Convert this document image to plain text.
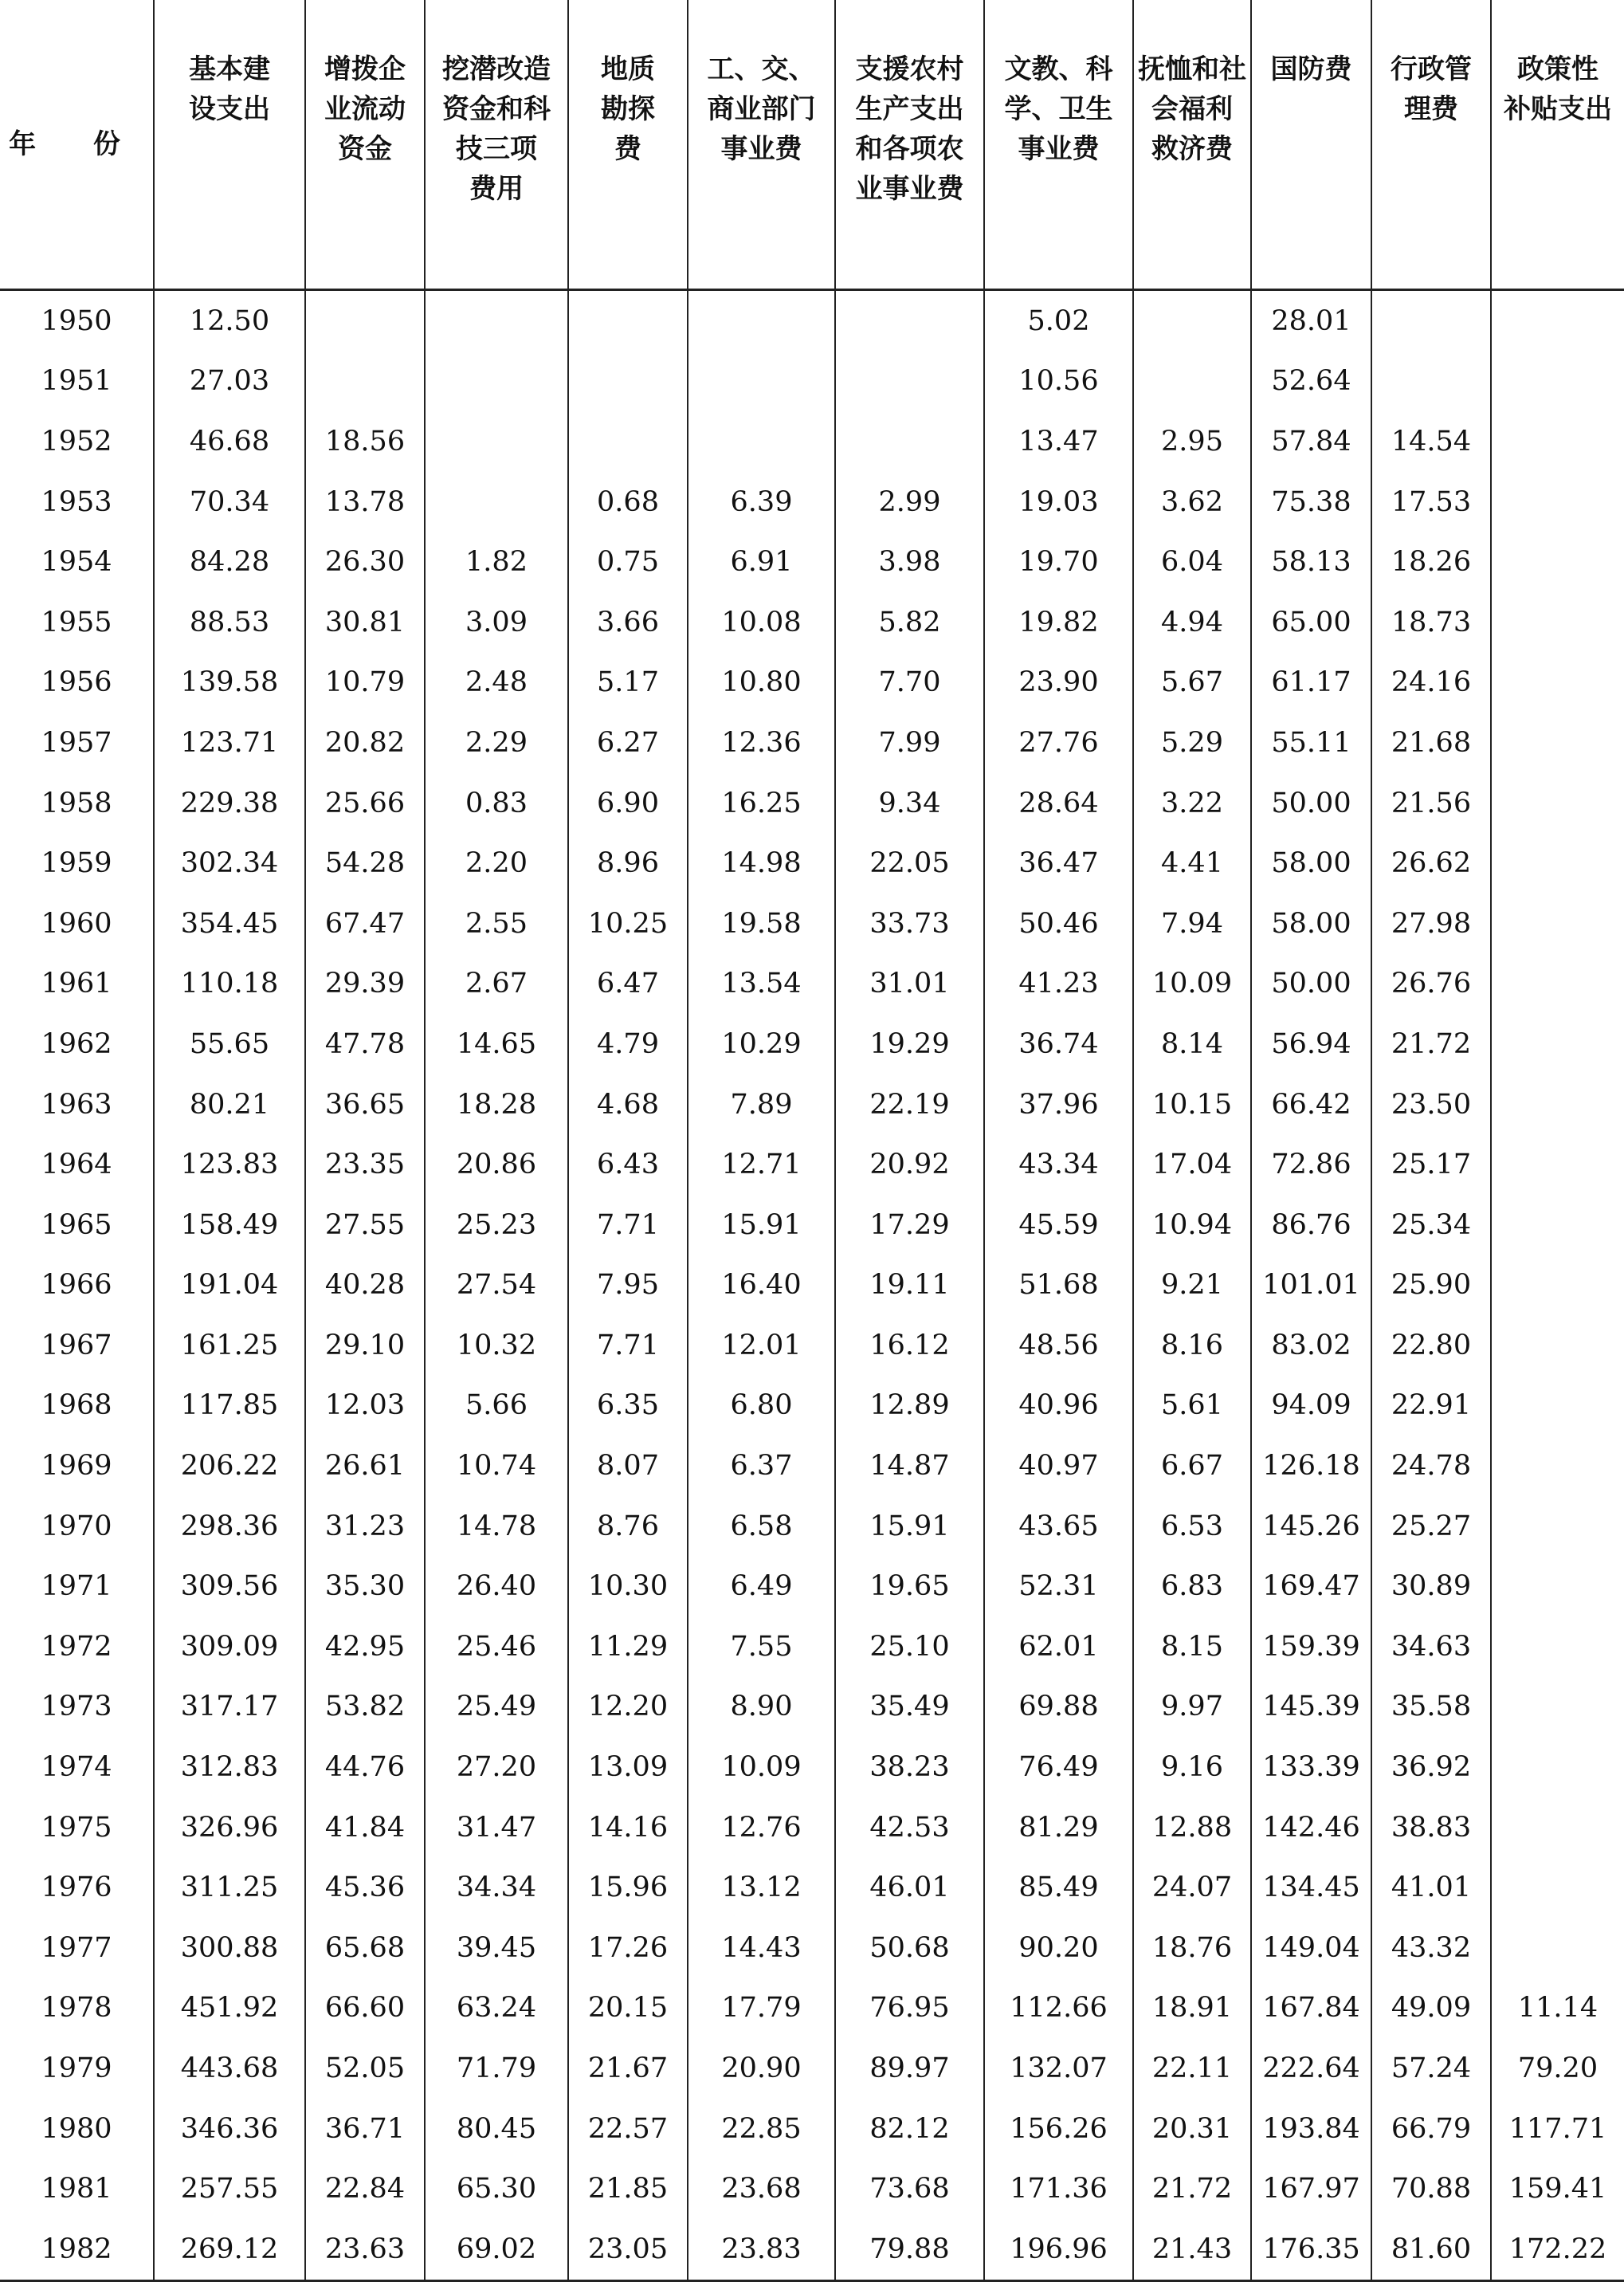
年 份	基本建
设支出	增拨企
业流动
资金	挖潜改造
资金和科
技三项
费用	地质
勘探
费	工、交、
商业部门
事业费	支援农村
生产支出
和各项农
业事业费	文教、科
学、卫生
事业费	抚恤和社
会福利
救济费	国防费	行政管
理费	政策性
补贴支出

1950	12.50						5.02		28.01		
1951	27.03						10.56		52.64		
1952	46.68	18.56					13.47	2.95	57.84	14.54	
1953	70.34	13.78		0.68	6.39	2.99	19.03	3.62	75.38	17.53	
1954	84.28	26.30	1.82	0.75	6.91	3.98	19.70	6.04	58.13	18.26	
1955	88.53	30.81	3.09	3.66	10.08	5.82	19.82	4.94	65.00	18.73	
1956	139.58	10.79	2.48	5.17	10.80	7.70	23.90	5.67	61.17	24.16	
1957	123.71	20.82	2.29	6.27	12.36	7.99	27.76	5.29	55.11	21.68	
1958	229.38	25.66	0.83	6.90	16.25	9.34	28.64	3.22	50.00	21.56	
1959	302.34	54.28	2.20	8.96	14.98	22.05	36.47	4.41	58.00	26.62	
1960	354.45	67.47	2.55	10.25	19.58	33.73	50.46	7.94	58.00	27.98	
1961	110.18	29.39	2.67	6.47	13.54	31.01	41.23	10.09	50.00	26.76	
1962	55.65	47.78	14.65	4.79	10.29	19.29	36.74	8.14	56.94	21.72	
1963	80.21	36.65	18.28	4.68	7.89	22.19	37.96	10.15	66.42	23.50	
1964	123.83	23.35	20.86	6.43	12.71	20.92	43.34	17.04	72.86	25.17	
1965	158.49	27.55	25.23	7.71	15.91	17.29	45.59	10.94	86.76	25.34	
1966	191.04	40.28	27.54	7.95	16.40	19.11	51.68	9.21	101.01	25.90	
1967	161.25	29.10	10.32	7.71	12.01	16.12	48.56	8.16	83.02	22.80	
1968	117.85	12.03	5.66	6.35	6.80	12.89	40.96	5.61	94.09	22.91	
1969	206.22	26.61	10.74	8.07	6.37	14.87	40.97	6.67	126.18	24.78	
1970	298.36	31.23	14.78	8.76	6.58	15.91	43.65	6.53	145.26	25.27	
1971	309.56	35.30	26.40	10.30	6.49	19.65	52.31	6.83	169.47	30.89	
1972	309.09	42.95	25.46	11.29	7.55	25.10	62.01	8.15	159.39	34.63	
1973	317.17	53.82	25.49	12.20	8.90	35.49	69.88	9.97	145.39	35.58	
1974	312.83	44.76	27.20	13.09	10.09	38.23	76.49	9.16	133.39	36.92	
1975	326.96	41.84	31.47	14.16	12.76	42.53	81.29	12.88	142.46	38.83	
1976	311.25	45.36	34.34	15.96	13.12	46.01	85.49	24.07	134.45	41.01	
1977	300.88	65.68	39.45	17.26	14.43	50.68	90.20	18.76	149.04	43.32	
1978	451.92	66.60	63.24	20.15	17.79	76.95	112.66	18.91	167.84	49.09	11.14
1979	443.68	52.05	71.79	21.67	20.90	89.97	132.07	22.11	222.64	57.24	79.20
1980	346.36	36.71	80.45	22.57	22.85	82.12	156.26	20.31	193.84	66.79	117.71
1981	257.55	22.84	65.30	21.85	23.68	73.68	171.36	21.72	167.97	70.88	159.41
1982	269.12	23.63	69.02	23.05	23.83	79.88	196.96	21.43	176.35	81.60	172.22
